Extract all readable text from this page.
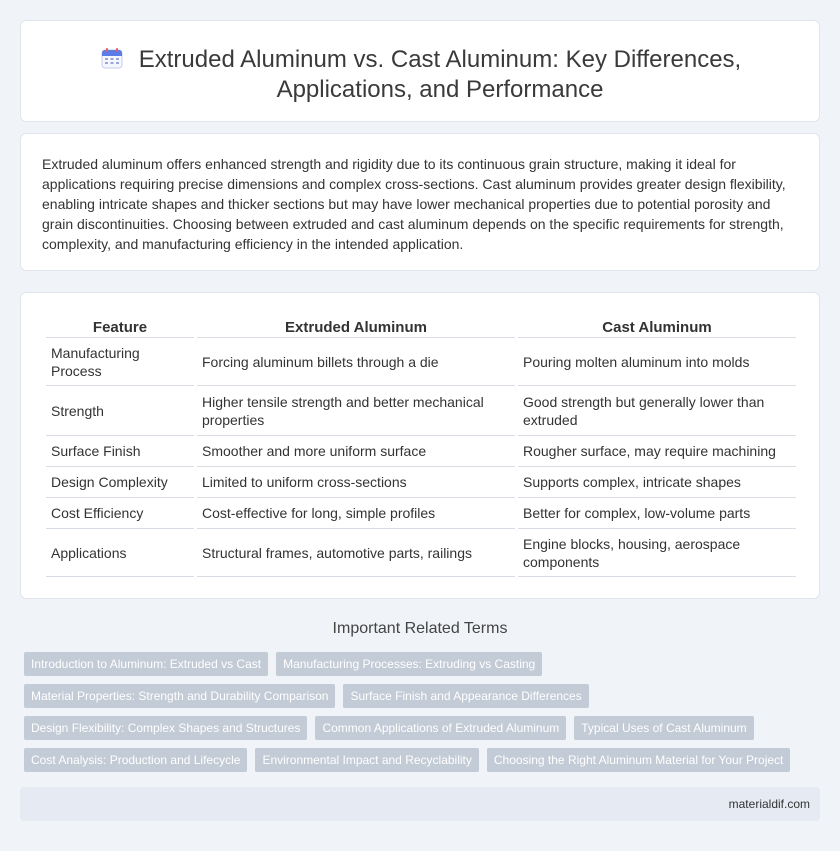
Extruded Aluminum vs. Cast Aluminum: Key Differences, Applications, and Performance

Extruded aluminum offers enhanced strength and rigidity due to its continuous grain structure, making it ideal for applications requiring precise dimensions and complex cross-sections. Cast aluminum provides greater design flexibility, enabling intricate shapes and thicker sections but may have lower mechanical properties due to potential porosity and grain discontinuities. Choosing between extruded and cast aluminum depends on the specific requirements for strength, complexity, and manufacturing efficiency in the intended application.

Feature	Extruded Aluminum	Cast Aluminum
Manufacturing Process	Forcing aluminum billets through a die	Pouring molten aluminum into molds
Strength	Higher tensile strength and better mechanical properties	Good strength but generally lower than extruded
Surface Finish	Smoother and more uniform surface	Rougher surface, may require machining
Design Complexity	Limited to uniform cross-sections	Supports complex, intricate shapes
Cost Efficiency	Cost-effective for long, simple profiles	Better for complex, low-volume parts
Applications	Structural frames, automotive parts, railings	Engine blocks, housing, aerospace components
Important Related Terms
Introduction to Aluminum: Extruded vs Cast	Manufacturing Processes: Extruding vs Casting
Material Properties: Strength and Durability Comparison	Surface Finish and Appearance Differences
Design Flexibility: Complex Shapes and Structures	Common Applications of Extruded Aluminum	Typical Uses of Cast Aluminum
Cost Analysis: Production and Lifecycle	Environmental Impact and Recyclability	Choosing the Right Aluminum Material for Your Project
materialdif.com
